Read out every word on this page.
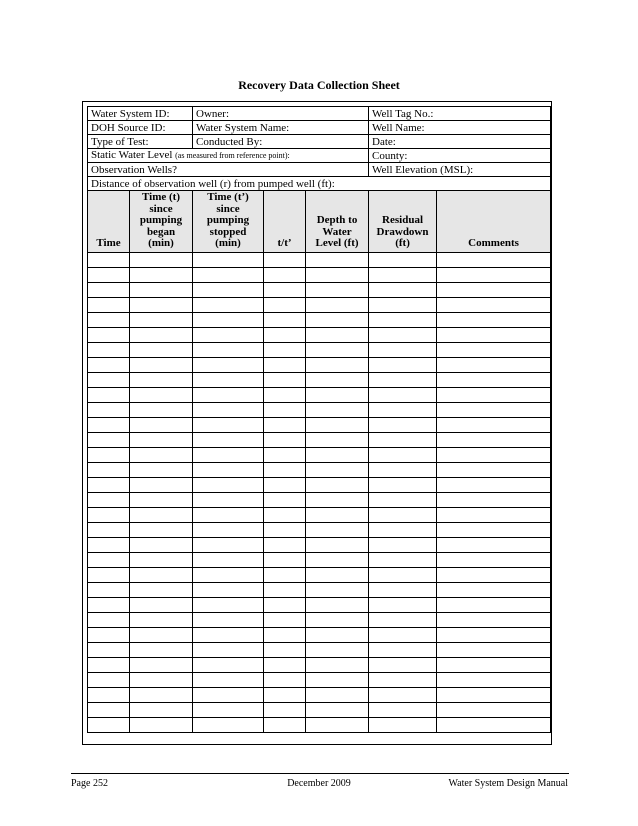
Recovery Data Collection Sheet
Water System ID:		Owner:			Well Tag No.:	
DOH Source ID:		Water System Name:			Well Name:	
Type of Test:		Conducted By:			Date:	
Static Water Level (as measured from reference point):					County:	
Observation Wells?					Well Elevation (MSL):	
Distance of observation well (r) from pumped well (ft):						
Time	Time (t)
since
pumping
began
(min)	Time (t’)
since
pumping
stopped
(min)	t/t’	Depth to
Water
Level (ft)	Residual
Drawdown
(ft)	Comments

Page 252	December 2009	Water System Design Manual
